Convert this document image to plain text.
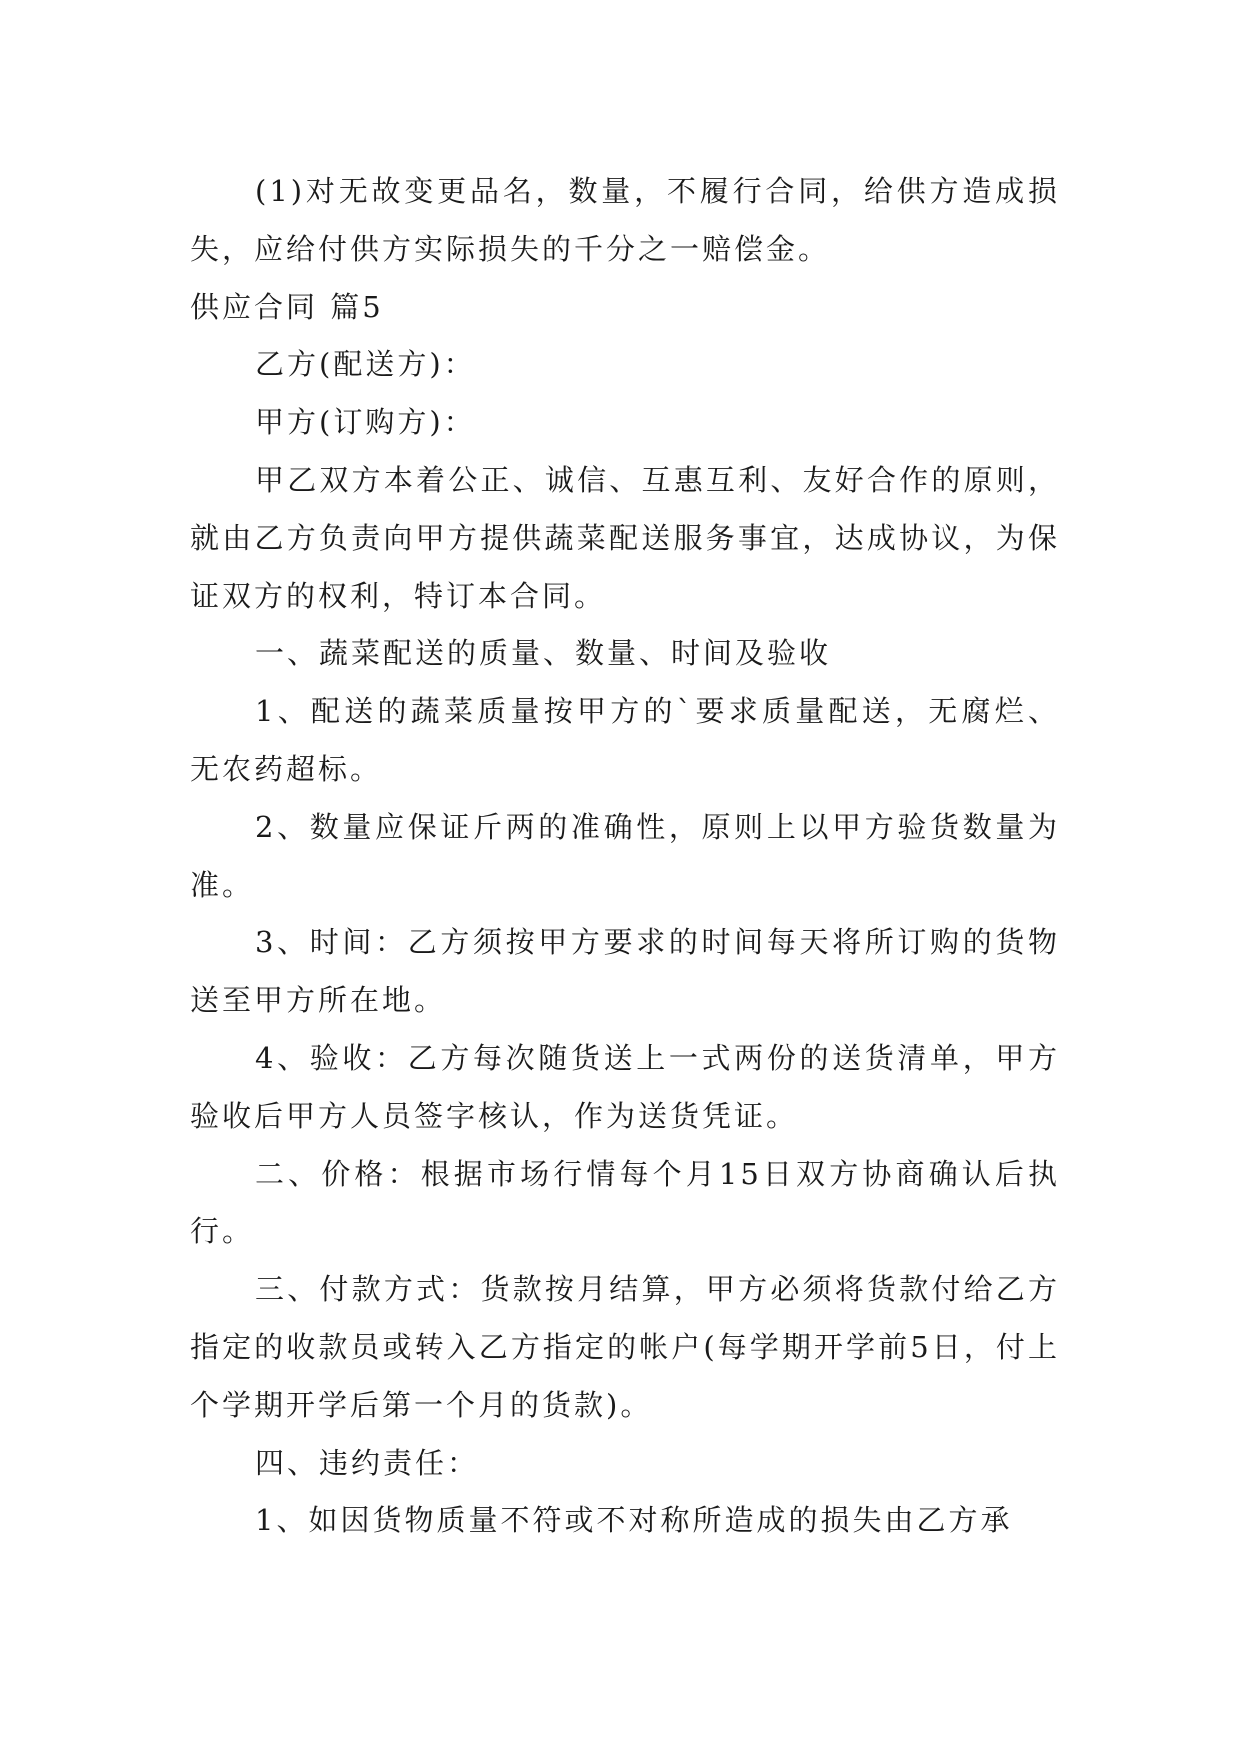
(1)对无故变更品名，数量，不履行合同，给供方造成损失，应给付供方实际损失的千分之一赔偿金。

供应合同 篇5

乙方(配送方)：

甲方(订购方)：

甲乙双方本着公正、诚信、互惠互利、友好合作的原则，就由乙方负责向甲方提供蔬菜配送服务事宜，达成协议，为保证双方的权利，特订本合同。

一、蔬菜配送的质量、数量、时间及验收

1、配送的蔬菜质量按甲方的`要求质量配送，无腐烂、无农药超标。

2、数量应保证斤两的准确性，原则上以甲方验货数量为准。

3、时间：乙方须按甲方要求的时间每天将所订购的货物送至甲方所在地。

4、验收：乙方每次随货送上一式两份的送货清单，甲方验收后甲方人员签字核认，作为送货凭证。

二、价格：根据市场行情每个月15日双方协商确认后执行。

三、付款方式：货款按月结算，甲方必须将货款付给乙方指定的收款员或转入乙方指定的帐户(每学期开学前5日，付上个学期开学后第一个月的货款)。

四、违约责任：

1、如因货物质量不符或不对称所造成的损失由乙方承
